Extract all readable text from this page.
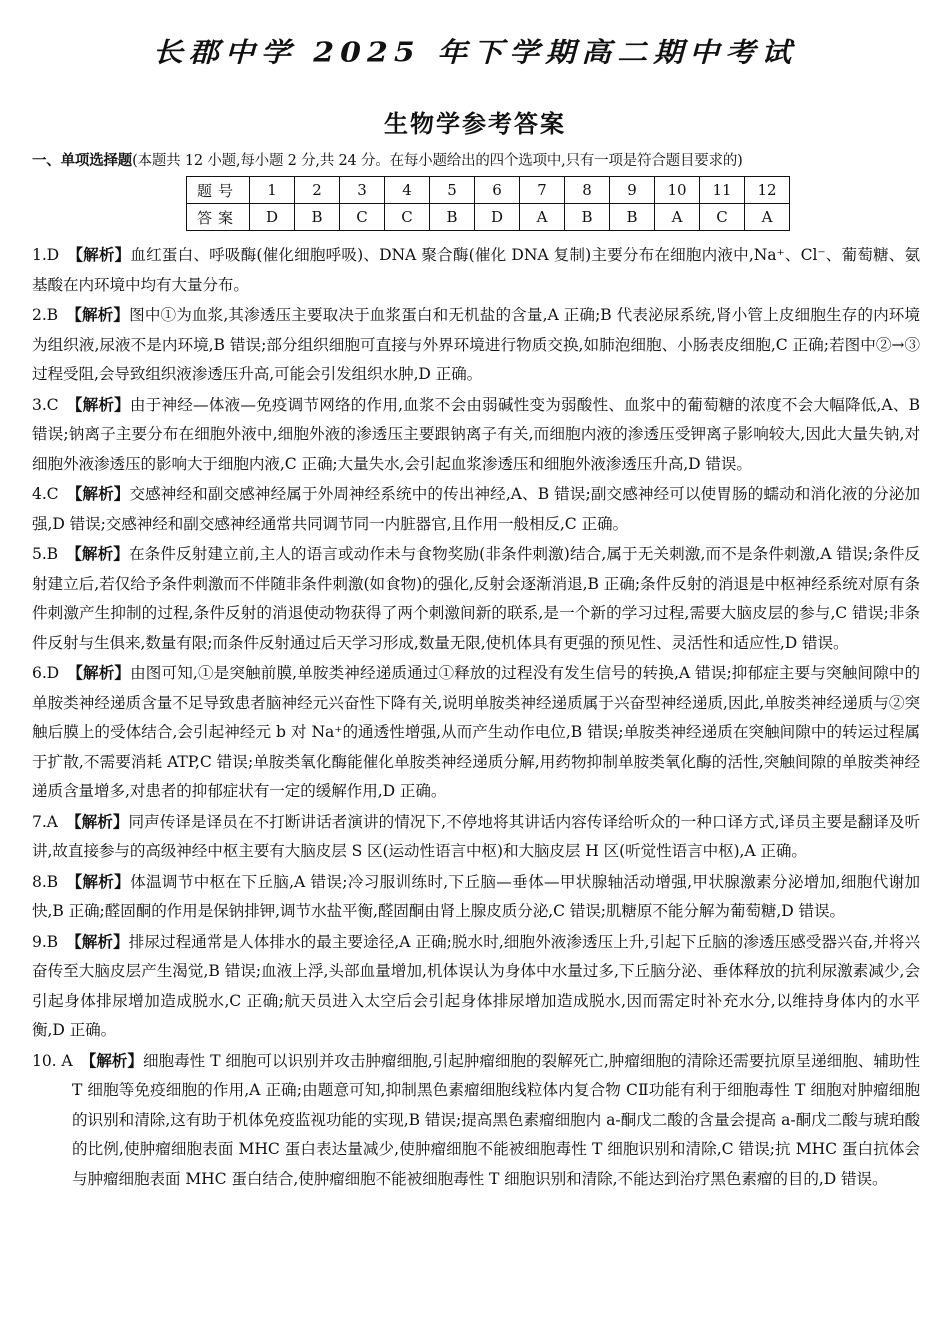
长郡中学 2025 年下学期高二期中考试
生物学参考答案
一、单项选择题(本题共 12 小题,每小题 2 分,共 24 分。在每小题给出的四个选项中,只有一项是符合题目要求的)
题号	1	2	3	4	5	6	7	8	9	10	11	12
答案	D	B	C	C	B	D	A	B	B	A	C	A

1.D 【解析】血红蛋白、呼吸酶(催化细胞呼吸)、DNA 聚合酶(催化 DNA 复制)主要分布在细胞内液中,Na⁺、Cl⁻、葡萄糖、氨基酸在内环境中均有大量分布。

2.B 【解析】图中①为血浆,其渗透压主要取决于血浆蛋白和无机盐的含量,A 正确;B 代表泌尿系统,肾小管上皮细胞生存的内环境为组织液,尿液不是内环境,B 错误;部分组织细胞可直接与外界环境进行物质交换,如肺泡细胞、小肠表皮细胞,C 正确;若图中②→③过程受阻,会导致组织液渗透压升高,可能会引发组织水肿,D 正确。

3.C 【解析】由于神经—体液—免疫调节网络的作用,血浆不会由弱碱性变为弱酸性、血浆中的葡萄糖的浓度不会大幅降低,A、B 错误;钠离子主要分布在细胞外液中,细胞外液的渗透压主要跟钠离子有关,而细胞内液的渗透压受钾离子影响较大,因此大量失钠,对细胞外液渗透压的影响大于细胞内液,C 正确;大量失水,会引起血浆渗透压和细胞外液渗透压升高,D 错误。

4.C 【解析】交感神经和副交感神经属于外周神经系统中的传出神经,A、B 错误;副交感神经可以使胃肠的蠕动和消化液的分泌加强,D 错误;交感神经和副交感神经通常共同调节同一内脏器官,且作用一般相反,C 正确。

5.B 【解析】在条件反射建立前,主人的语言或动作未与食物奖励(非条件刺激)结合,属于无关刺激,而不是条件刺激,A 错误;条件反射建立后,若仅给予条件刺激而不伴随非条件刺激(如食物)的强化,反射会逐渐消退,B 正确;条件反射的消退是中枢神经系统对原有条件刺激产生抑制的过程,条件反射的消退使动物获得了两个刺激间新的联系,是一个新的学习过程,需要大脑皮层的参与,C 错误;非条件反射与生俱来,数量有限;而条件反射通过后天学习形成,数量无限,使机体具有更强的预见性、灵活性和适应性,D 错误。

6.D 【解析】由图可知,①是突触前膜,单胺类神经递质通过①释放的过程没有发生信号的转换,A 错误;抑郁症主要与突触间隙中的单胺类神经递质含量不足导致患者脑神经元兴奋性下降有关,说明单胺类神经递质属于兴奋型神经递质,因此,单胺类神经递质与②突触后膜上的受体结合,会引起神经元 b 对 Na⁺的通透性增强,从而产生动作电位,B 错误;单胺类神经递质在突触间隙中的转运过程属于扩散,不需要消耗 ATP,C 错误;单胺类氧化酶能催化单胺类神经递质分解,用药物抑制单胺类氧化酶的活性,突触间隙的单胺类神经递质含量增多,对患者的抑郁症状有一定的缓解作用,D 正确。

7.A 【解析】同声传译是译员在不打断讲话者演讲的情况下,不停地将其讲话内容传译给听众的一种口译方式,译员主要是翻译及听讲,故直接参与的高级神经中枢主要有大脑皮层 S 区(运动性语言中枢)和大脑皮层 H 区(听觉性语言中枢),A 正确。

8.B 【解析】体温调节中枢在下丘脑,A 错误;冷习服训练时,下丘脑—垂体—甲状腺轴活动增强,甲状腺激素分泌增加,细胞代谢加快,B 正确;醛固酮的作用是保钠排钾,调节水盐平衡,醛固酮由肾上腺皮质分泌,C 错误;肌糖原不能分解为葡萄糖,D 错误。

9.B 【解析】排尿过程通常是人体排水的最主要途径,A 正确;脱水时,细胞外液渗透压上升,引起下丘脑的渗透压感受器兴奋,并将兴奋传至大脑皮层产生渴觉,B 错误;血液上浮,头部血量增加,机体误认为身体中水量过多,下丘脑分泌、垂体释放的抗利尿激素减少,会引起身体排尿增加造成脱水,C 正确;航天员进入太空后会引起身体排尿增加造成脱水,因而需定时补充水分,以维持身体内的水平衡,D 正确。

10. A 【解析】细胞毒性 T 细胞可以识别并攻击肿瘤细胞,引起肿瘤细胞的裂解死亡,肿瘤细胞的清除还需要抗原呈递细胞、辅助性 T 细胞等免疫细胞的作用,A 正确;由题意可知,抑制黑色素瘤细胞线粒体内复合物 CⅡ功能有利于细胞毒性 T 细胞对肿瘤细胞的识别和清除,这有助于机体免疫监视功能的实现,B 错误;提高黑色素瘤细胞内 a-酮戊二酸的含量会提高 a-酮戊二酸与琥珀酸的比例,使肿瘤细胞表面 MHC 蛋白表达量减少,使肿瘤细胞不能被细胞毒性 T 细胞识别和清除,C 错误;抗 MHC 蛋白抗体会与肿瘤细胞表面 MHC 蛋白结合,使肿瘤细胞不能被细胞毒性 T 细胞识别和清除,不能达到治疗黑色素瘤的目的,D 错误。
